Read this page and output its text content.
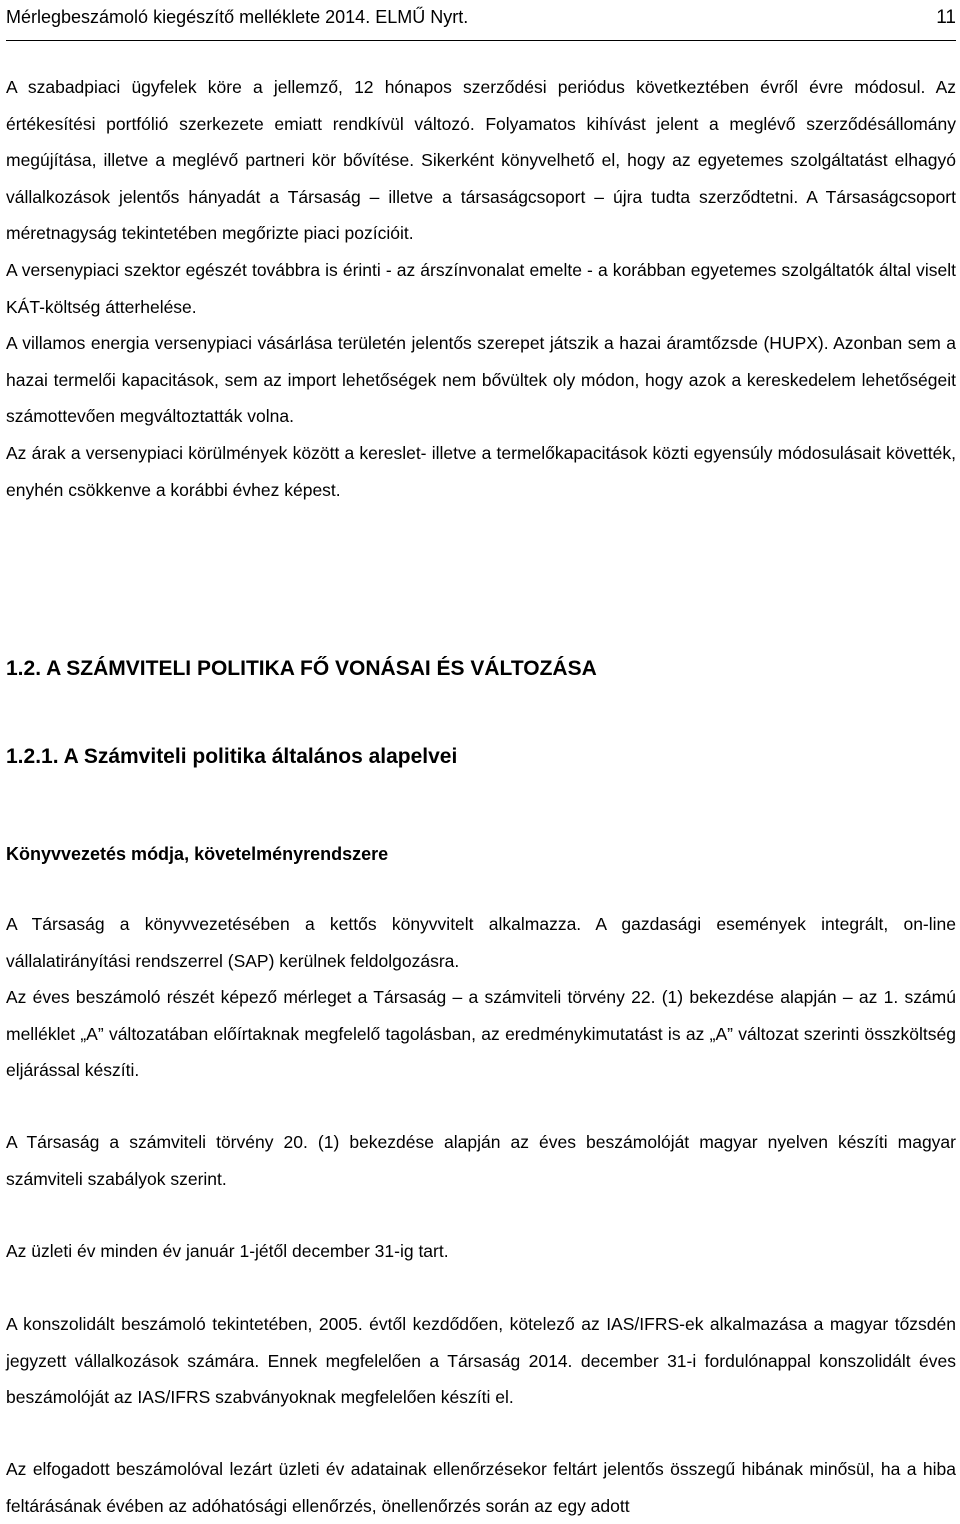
Mérlegbeszámoló kiegészítő melléklete 2014. ELMŰ Nyrt.	11

A szabadpiaci ügyfelek köre a jellemző, 12 hónapos szerződési periódus következtében évről évre módosul. Az értékesítési portfólió szerkezete emiatt rendkívül változó. Folyamatos kihívást jelent a meglévő szerződésállomány megújítása, illetve a meglévő partneri kör bővítése. Sikerként könyvelhető el, hogy az egyetemes szolgáltatást elhagyó vállalkozások jelentős hányadát a Társaság – illetve a társaságcsoport – újra tudta szerződtetni. A Társaságcsoport méretnagyság tekintetében megőrizte piaci pozícióit.

A versenypiaci szektor egészét továbbra is érinti - az árszínvonalat emelte - a korábban egyetemes szolgáltatók által viselt KÁT-költség átterhelése.

A villamos energia versenypiaci vásárlása területén jelentős szerepet játszik a hazai áramtőzsde (HUPX). Azonban sem a hazai termelői kapacitások, sem az import lehetőségek nem bővültek oly módon, hogy azok a kereskedelem lehetőségeit számottevően megváltoztatták volna.

Az árak a versenypiaci körülmények között a kereslet- illetve a termelőkapacitások közti egyensúly módosulásait követték, enyhén csökkenve a korábbi évhez képest.

1.2. A SZÁMVITELI POLITIKA FŐ VONÁSAI ÉS VÁLTOZÁSA
1.2.1. A Számviteli politika általános alapelvei
Könyvvezetés módja, követelményrendszere

A Társaság a könyvvezetésében a kettős könyvvitelt alkalmazza. A gazdasági események integrált, on-line vállalatirányítási rendszerrel (SAP) kerülnek feldolgozásra.

Az éves beszámoló részét képező mérleget a Társaság – a számviteli törvény 22. (1) bekezdése alapján – az 1. számú melléklet „A” változatában előírtaknak megfelelő tagolásban, az eredménykimutatást is az „A” változat szerinti összköltség eljárással készíti.

A Társaság a számviteli törvény 20. (1) bekezdése alapján az éves beszámolóját magyar nyelven készíti magyar számviteli szabályok szerint.

Az üzleti év minden év január 1-jétől december 31-ig tart.

A konszolidált beszámoló tekintetében, 2005. évtől kezdődően, kötelező az IAS/IFRS-ek alkalmazása a magyar tőzsdén jegyzett vállalkozások számára. Ennek megfelelően a Társaság 2014. december 31-i fordulónappal konszolidált éves beszámolóját az IAS/IFRS szabványoknak megfelelően készíti el.

Az elfogadott beszámolóval lezárt üzleti év adatainak ellenőrzésekor feltárt jelentős összegű hibának minősül, ha a hiba feltárásának évében az adóhatósági ellenőrzés, önellenőrzés során az egy adott
